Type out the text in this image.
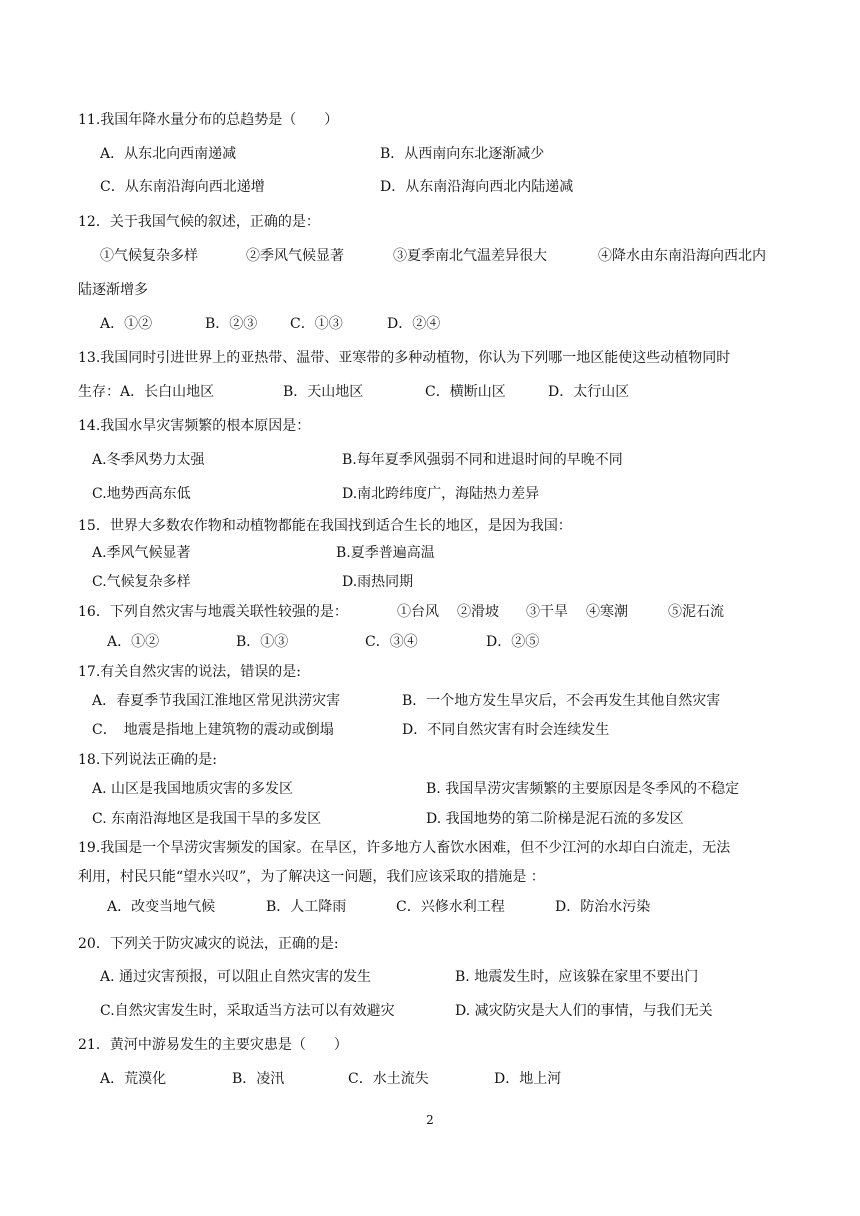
11.我国年降水量分布的总趋势是（　　）
A．从东北向西南递减	B．从西南向东北逐渐减少
C．从东南沿海向西北递增	D．从东南沿海向西北内陆递减
12．关于我国气候的叙述，正确的是：
①气候复杂多样	②季风气候显著	③夏季南北气温差异很大	④降水由东南沿海向西北内
陆逐渐增多
A．①②	B．②③ C．①③	D．②④
13.我国同时引进世界上的亚热带、温带、亚寒带的多种动植物，你认为下列哪一地区能使这些动植物同时
生存：A．长白山地区	B．天山地区	C．横断山区	D．太行山区
14.我国水旱灾害频繁的根本原因是：
A.冬季风势力太强	B.每年夏季风强弱不同和进退时间的早晚不同
C.地势西高东低	D.南北跨纬度广，海陆热力差异
15．世界大多数农作物和动植物都能在我国找到适合生长的地区，是因为我国：
A.季风气候显著	B.夏季普遍高温
C.气候复杂多样	D.雨热同期
16．下列自然灾害与地震关联性较强的是：	①台风 ②滑坡 ③干旱 ④寒潮	⑤泥石流
A．①②	B．①③	C．③④	D．②⑤
17.有关自然灾害的说法，错误的是:
A．春夏季节我国江淮地区常见洪涝灾害	B．一个地方发生旱灾后，不会再发生其他自然灾害
C．　地震是指地上建筑物的震动或倒塌	D．不同自然灾害有时会连续发生
18.下列说法正确的是:
A. 山区是我国地质灾害的多发区	B. 我国旱涝灾害频繁的主要原因是冬季风的不稳定
C. 东南沿海地区是我国干旱的多发区	D. 我国地势的第二阶梯是泥石流的多发区
19.我国是一个旱涝灾害频发的国家。在旱区，许多地方人畜饮水困难，但不少江河的水却白白流走，无法
利用，村民只能“望水兴叹”，为了解决这一问题，我们应该采取的措施是 ：
A．改变当地气候	B．人工降雨	C．兴修水利工程	D．防治水污染
20．下列关于防灾减灾的说法，正确的是:
A. 通过灾害预报，可以阻止自然灾害的发生	B. 地震发生时，应该躲在家里不要出门
C.自然灾害发生时，采取适当方法可以有效避灾	D. 减灾防灾是大人们的事情，与我们无关
21．黄河中游易发生的主要灾患是（　　）
A．荒漠化	B．凌汛	C．水土流失	D．地上河
2
